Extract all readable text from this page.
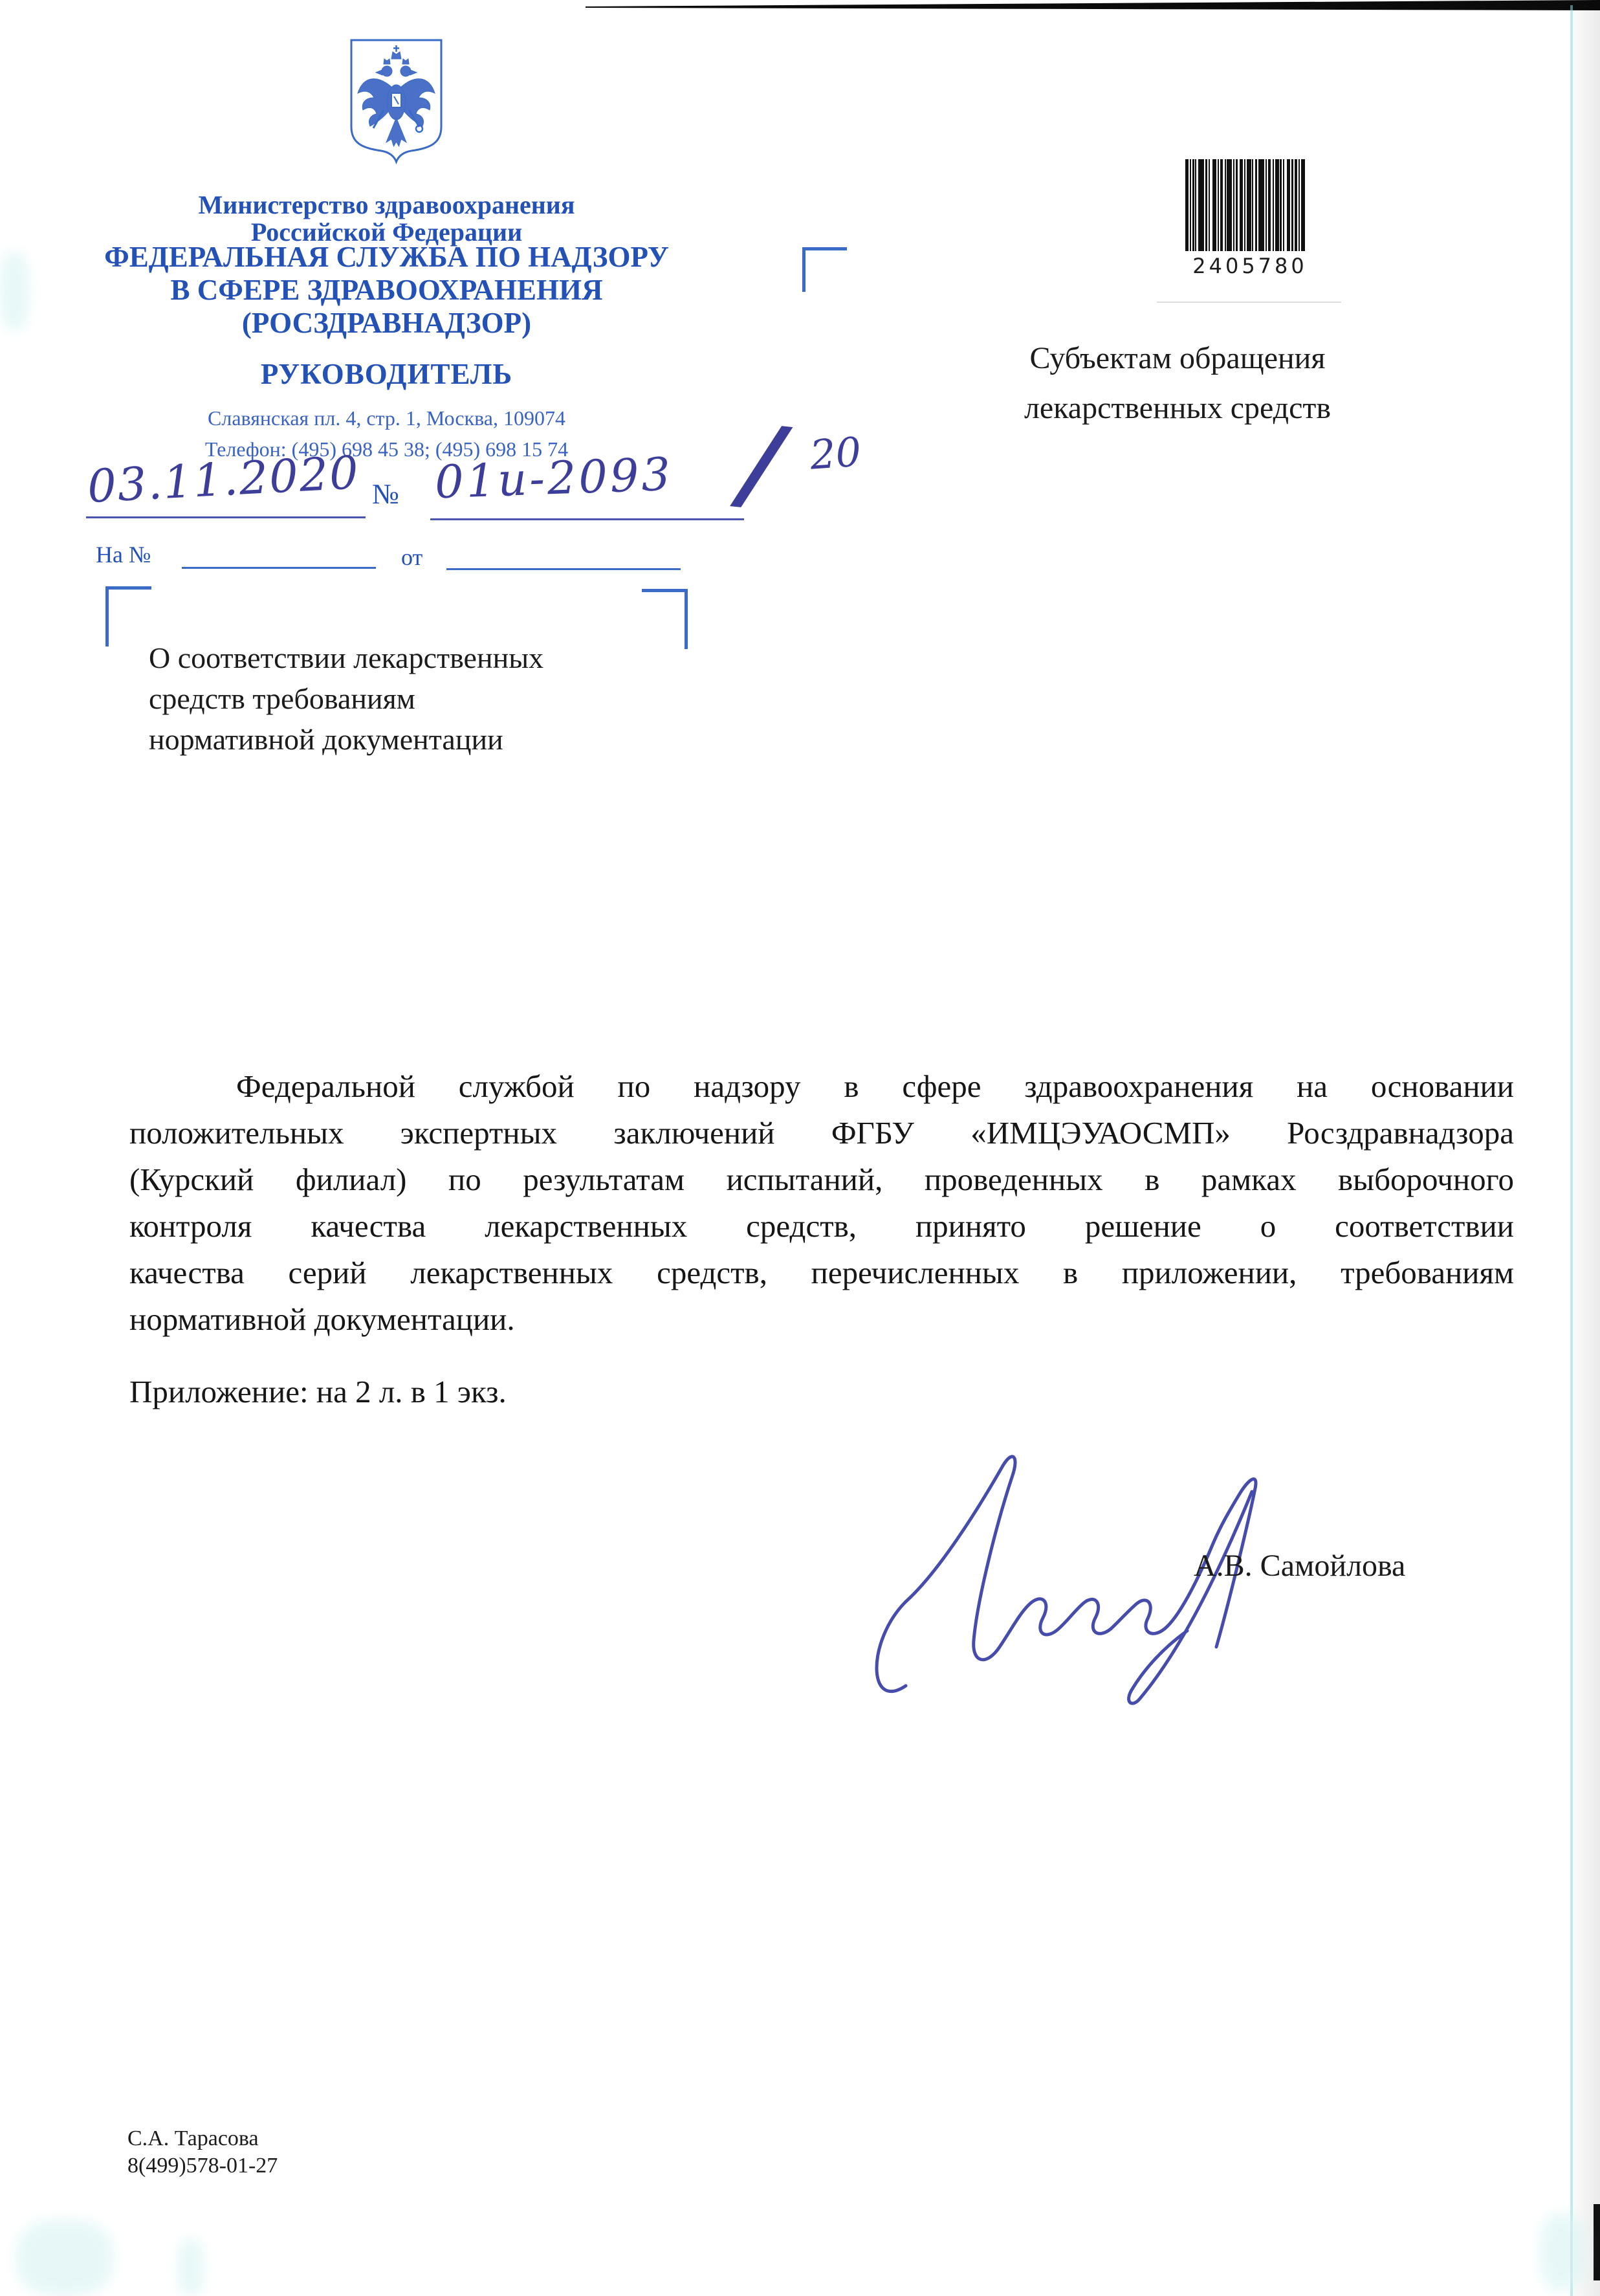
Министерство здравоохранения
Российской Федерации
ФЕДЕРАЛЬНАЯ СЛУЖБА ПО НАДЗОРУ
В СФЕРЕ ЗДРАВООХРАНЕНИЯ
(РОСЗДРАВНАДЗОР)
РУКОВОДИТЕЛЬ
Славянская пл. 4, стр. 1, Москва, 109074
Телефон: (495) 698 45 38; (495) 698 15 74
03.11.2020 № 01и-2093 / 20
На №	от
2405780
Субъектам обращения
лекарственных средств
О соответствии лекарственных
средств требованиям
нормативной документации
Федеральной службой по надзору в сфере здравоохранения на основании
положительных экспертных заключений ФГБУ «ИМЦЭУАОСМП» Росздравнадзора
(Курский филиал) по результатам испытаний, проведенных в рамках выборочного
контроля качества лекарственных средств, принято решение о соответствии
качества серий лекарственных средств, перечисленных в приложении, требованиям
нормативной документации.
Приложение: на 2 л. в 1 экз.
А.В. Самойлова
С.А. Тарасова
8(499)578-01-27
